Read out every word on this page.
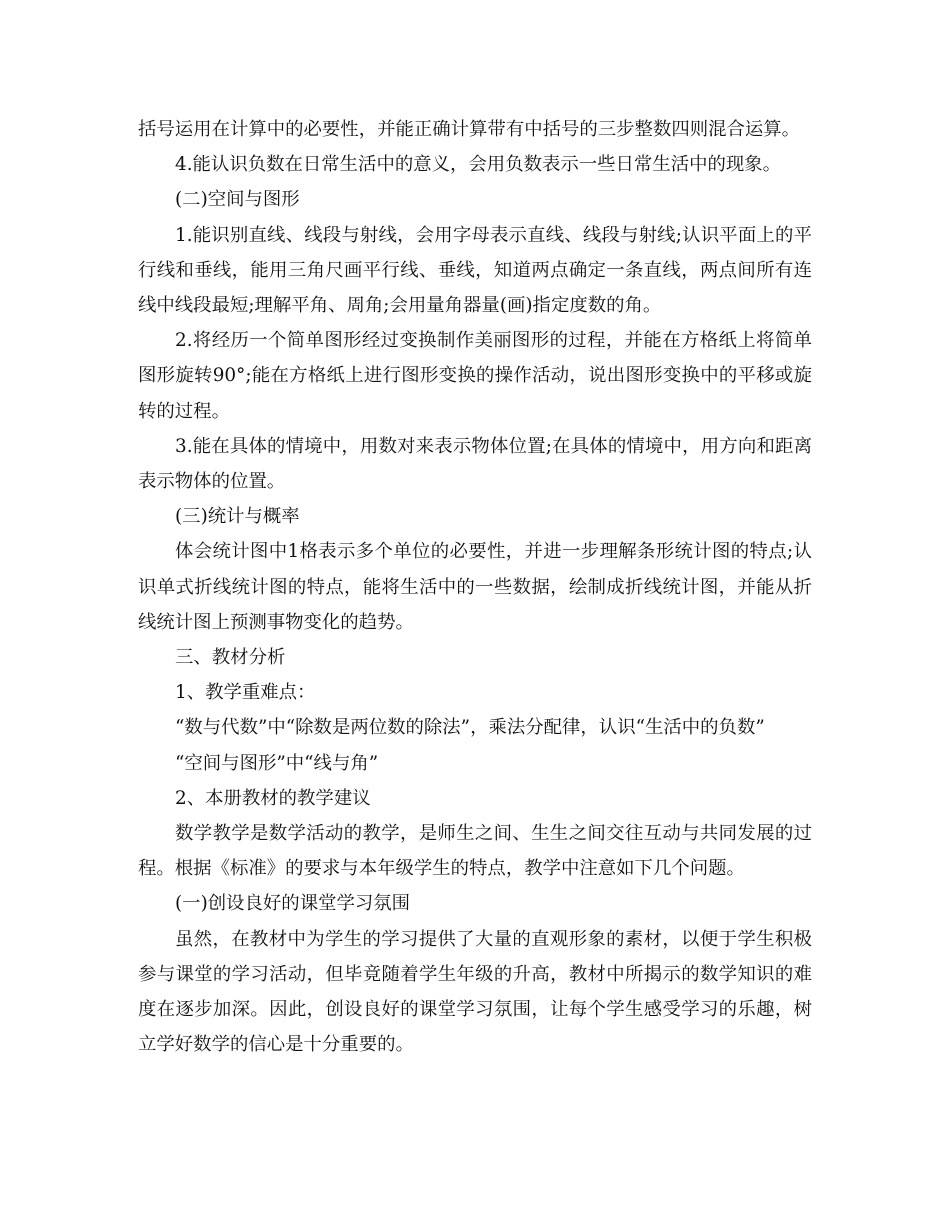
括号运用在计算中的必要性，并能正确计算带有中括号的三步整数四则混合运算。

4.能认识负数在日常生活中的意义，会用负数表示一些日常生活中的现象。

(二)空间与图形

1.能识别直线、线段与射线，会用字母表示直线、线段与射线;认识平面上的平行线和垂线，能用三角尺画平行线、垂线，知道两点确定一条直线，两点间所有连线中线段最短;理解平角、周角;会用量角器量(画)指定度数的角。

2.将经历一个简单图形经过变换制作美丽图形的过程，并能在方格纸上将简单图形旋转90°;能在方格纸上进行图形变换的操作活动，说出图形变换中的平移或旋转的过程。

3.能在具体的情境中，用数对来表示物体位置;在具体的情境中，用方向和距离表示物体的位置。

(三)统计与概率

体会统计图中1格表示多个单位的必要性，并进一步理解条形统计图的特点;认识单式折线统计图的特点，能将生活中的一些数据，绘制成折线统计图，并能从折线统计图上预测事物变化的趋势。

三、教材分析

1、教学重难点：

“数与代数”中“除数是两位数的除法”，乘法分配律，认识“生活中的负数”

“空间与图形”中“线与角”

2、本册教材的教学建议

数学教学是数学活动的教学，是师生之间、生生之间交往互动与共同发展的过程。根据《标准》的要求与本年级学生的特点，教学中注意如下几个问题。

(一)创设良好的课堂学习氛围

虽然，在教材中为学生的学习提供了大量的直观形象的素材，以便于学生积极参与课堂的学习活动，但毕竟随着学生年级的升高，教材中所揭示的数学知识的难度在逐步加深。因此，创设良好的课堂学习氛围，让每个学生感受学习的乐趣，树立学好数学的信心是十分重要的。
